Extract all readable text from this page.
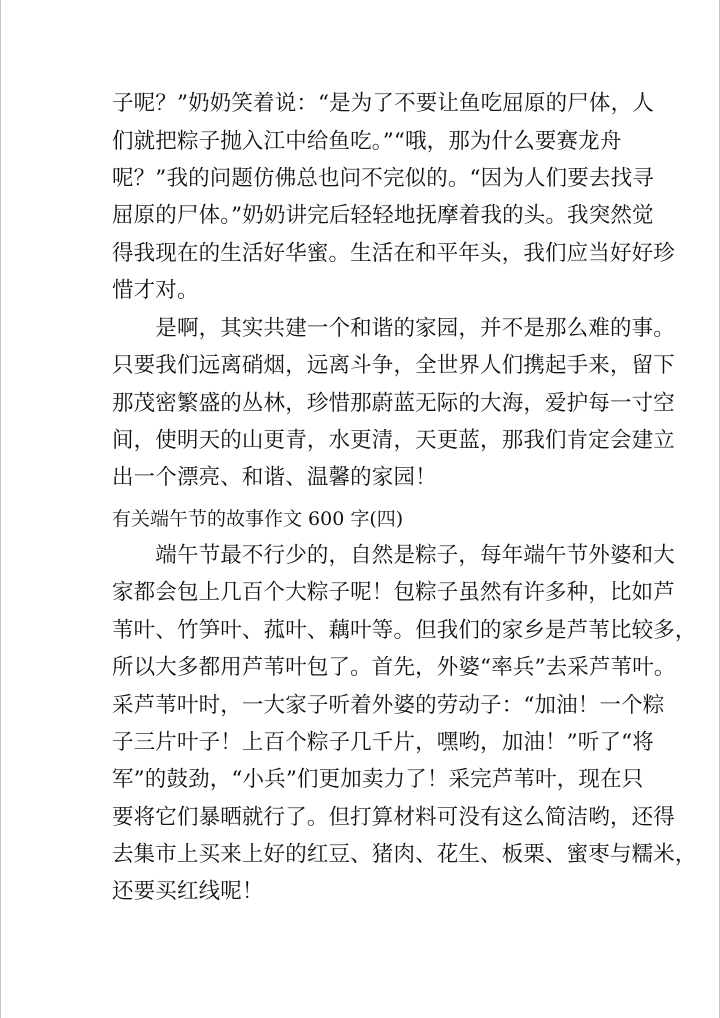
子呢？”奶奶笑着说：“是为了不要让鱼吃屈原的尸体，人

们就把粽子抛入江中给鱼吃。”“哦，那为什么要赛龙舟

呢？”我的问题仿佛总也问不完似的。“因为人们要去找寻

屈原的尸体。”奶奶讲完后轻轻地抚摩着我的头。我突然觉

得我现在的生活好华蜜。生活在和平年头，我们应当好好珍

惜才对。

　　是啊，其实共建一个和谐的家园，并不是那么难的事。

只要我们远离硝烟，远离斗争，全世界人们携起手来，留下

那茂密繁盛的丛林，珍惜那蔚蓝无际的大海，爱护每一寸空

间，使明天的山更青，水更清，天更蓝，那我们肯定会建立

出一个漂亮、和谐、温馨的家园！

有关端午节的故事作文 600 字(四)

　　端午节最不行少的，自然是粽子，每年端午节外婆和大

家都会包上几百个大粽子呢！包粽子虽然有许多种，比如芦

苇叶、竹笋叶、菰叶、藕叶等。但我们的家乡是芦苇比较多，

所以大多都用芦苇叶包了。首先，外婆“率兵”去采芦苇叶。

采芦苇叶时，一大家子听着外婆的劳动子：“加油！一个粽

子三片叶子！上百个粽子几千片，嘿哟，加油！”听了“将

军”的鼓劲，“小兵”们更加卖力了！采完芦苇叶，现在只

要将它们暴晒就行了。但打算材料可没有这么简洁哟，还得

去集市上买来上好的红豆、猪肉、花生、板栗、蜜枣与糯米，

还要买红线呢！
